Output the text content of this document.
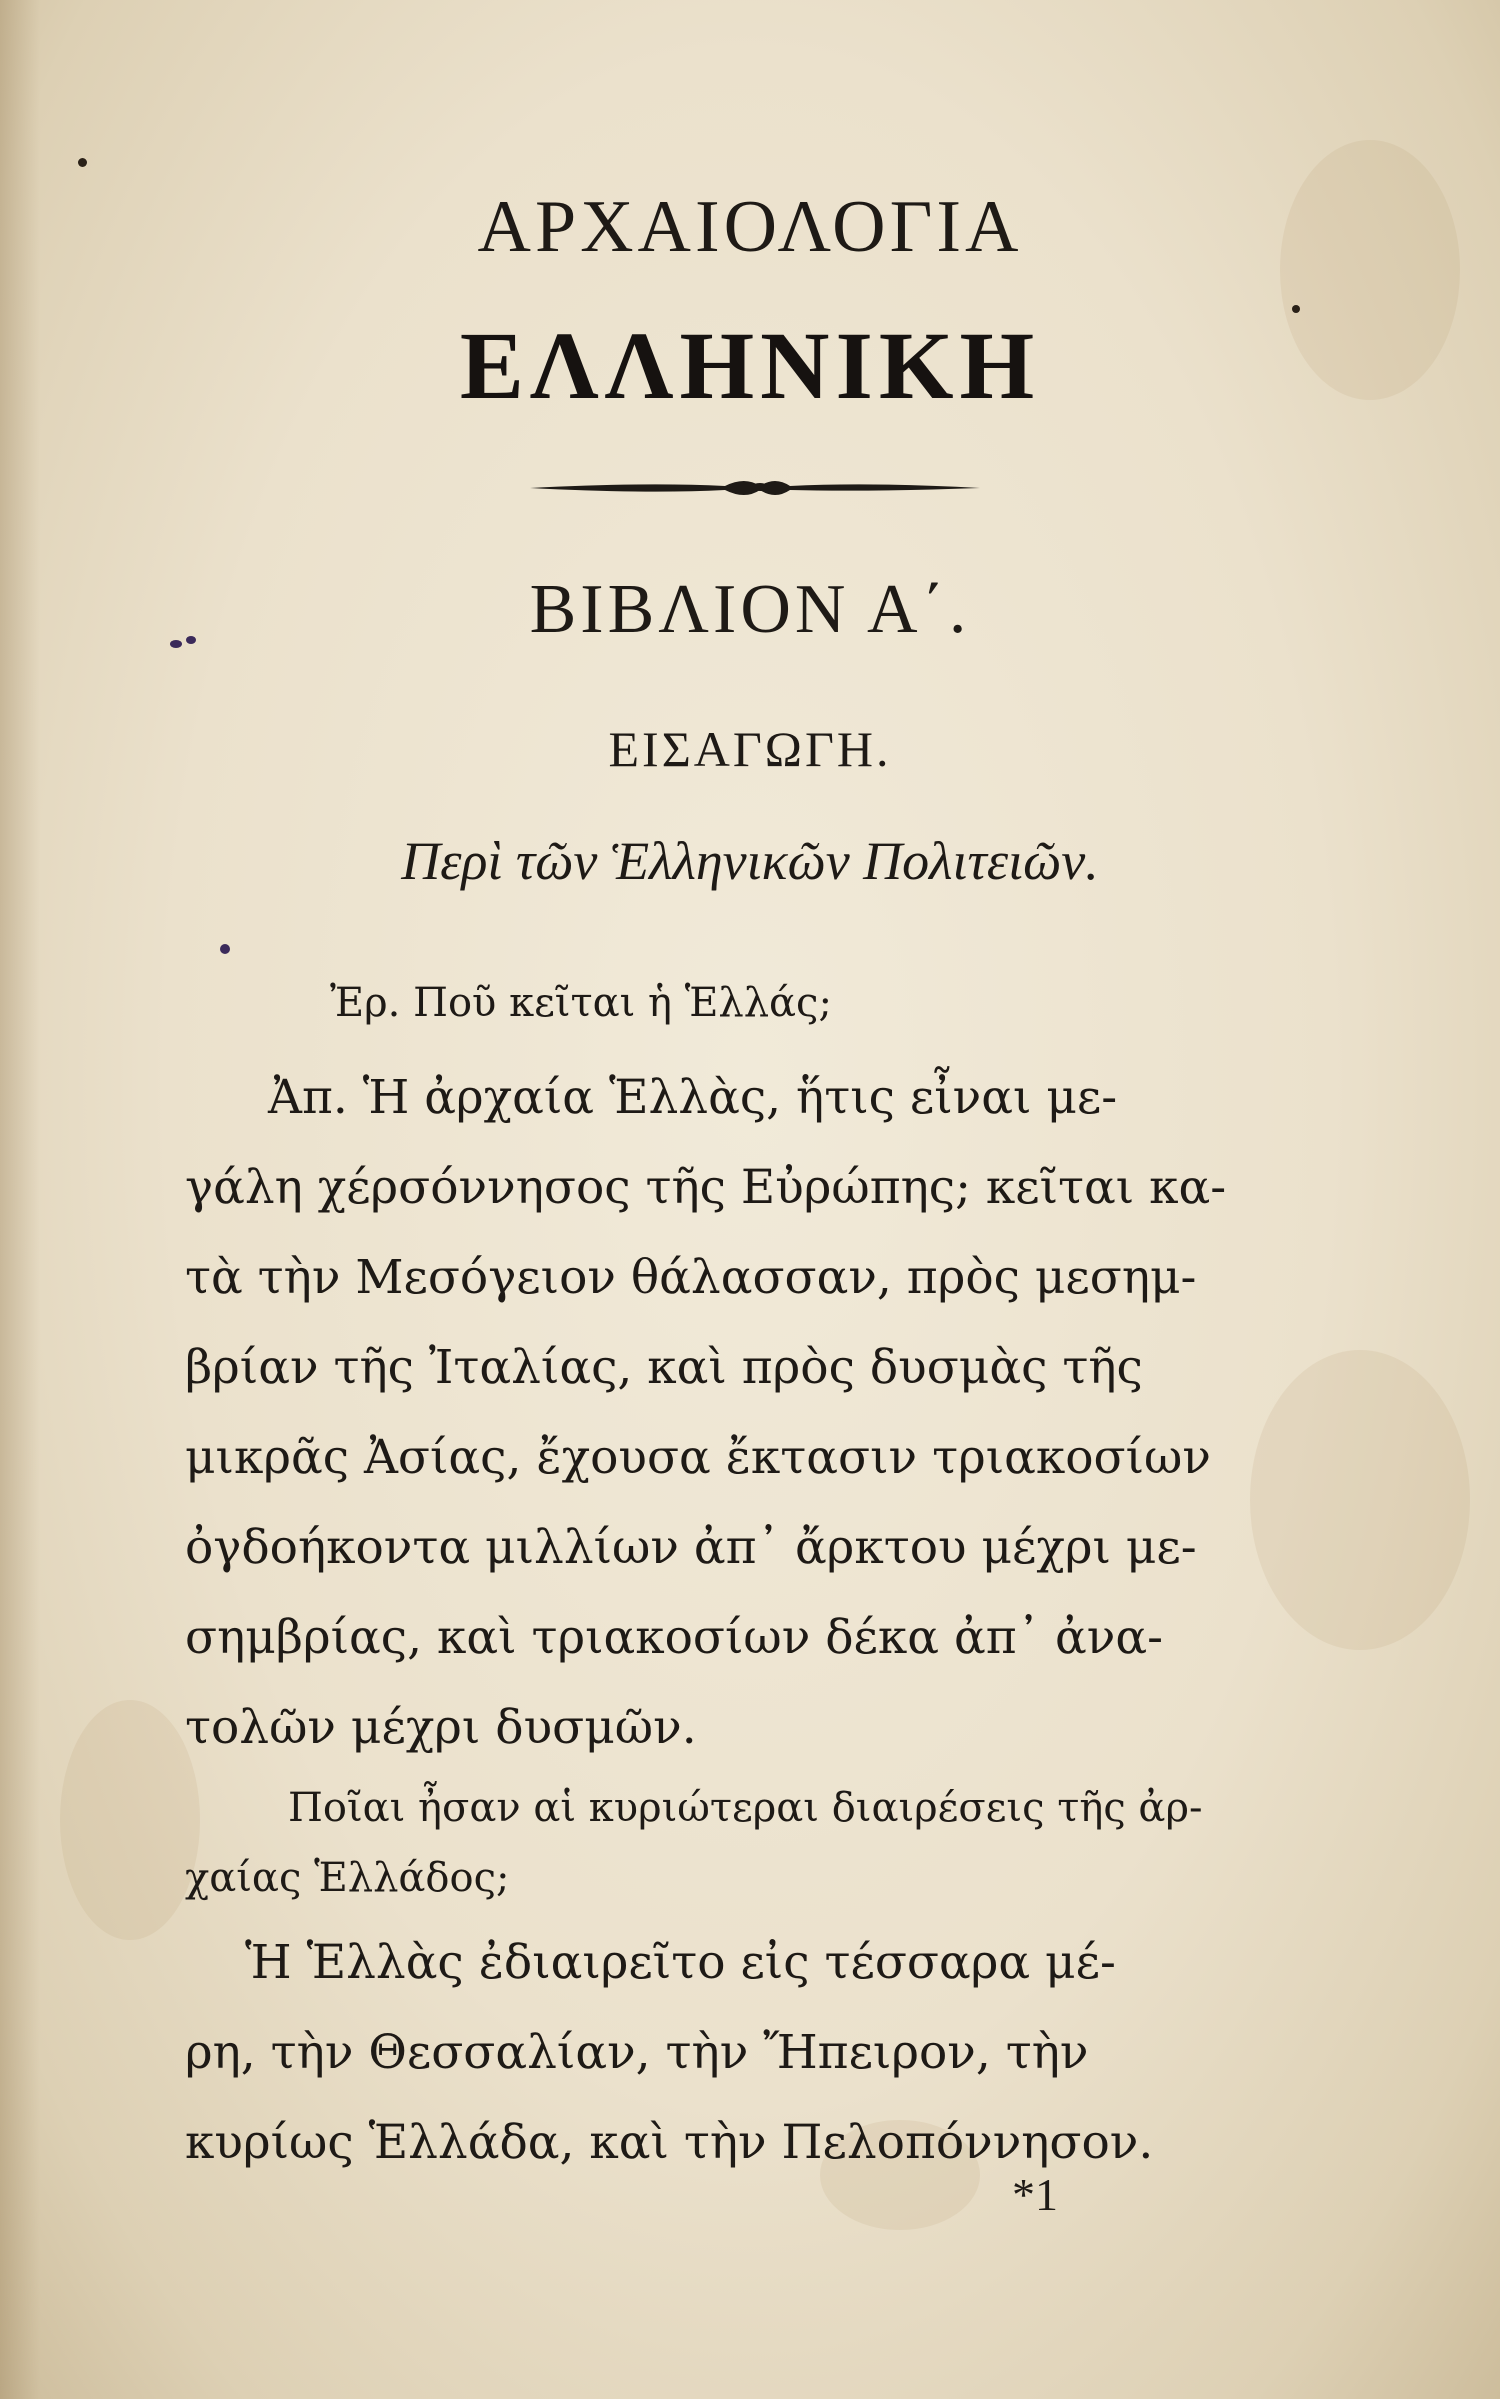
ΑΡΧΑΙΟΛΟΓΙΑ
ΕΛΛΗΝΙΚΗ
ΒΙΒΛΙΟΝ Α΄.
ΕΙΣΑΓΩΓΗ.
Περὶ τῶν Ἑλληνικῶν Πολιτειῶν.
Ἐρ. Ποῦ κεῖται ἡ Ἑλλάς;
Ἀπ. Ἡ ἀρχαία Ἑλλὰς, ἥτις εἶναι με-
γάλη χέρσόννησος τῆς Εὐρώπης; κεῖται κα-
τὰ τὴν Μεσόγειον θάλασσαν, πρὸς μεσημ-
βρίαν τῆς Ἰταλίας, καὶ πρὸς δυσμὰς τῆς
μικρᾶς Ἀσίας, ἔχουσα ἔκτασιν τριακοσίων
ὀγδοήκοντα μιλλίων ἀπ᾽ ἄρκτου μέχρι με-
σημβρίας, καὶ τριακοσίων δέκα ἀπ᾽ ἀνα-
τολῶν μέχρι δυσμῶν.
Ποῖαι ἦσαν αἱ κυριώτεραι διαιρέσεις τῆς ἀρ-
χαίας Ἑλλάδος;
Ἡ Ἑλλὰς ἐδιαιρεῖτο εἰς τέσσαρα μέ-
ρη, τὴν Θεσσαλίαν, τὴν Ἤπειρον, τὴν
κυρίως Ἑλλάδα, καὶ τὴν Πελοπόννησον.
*1
